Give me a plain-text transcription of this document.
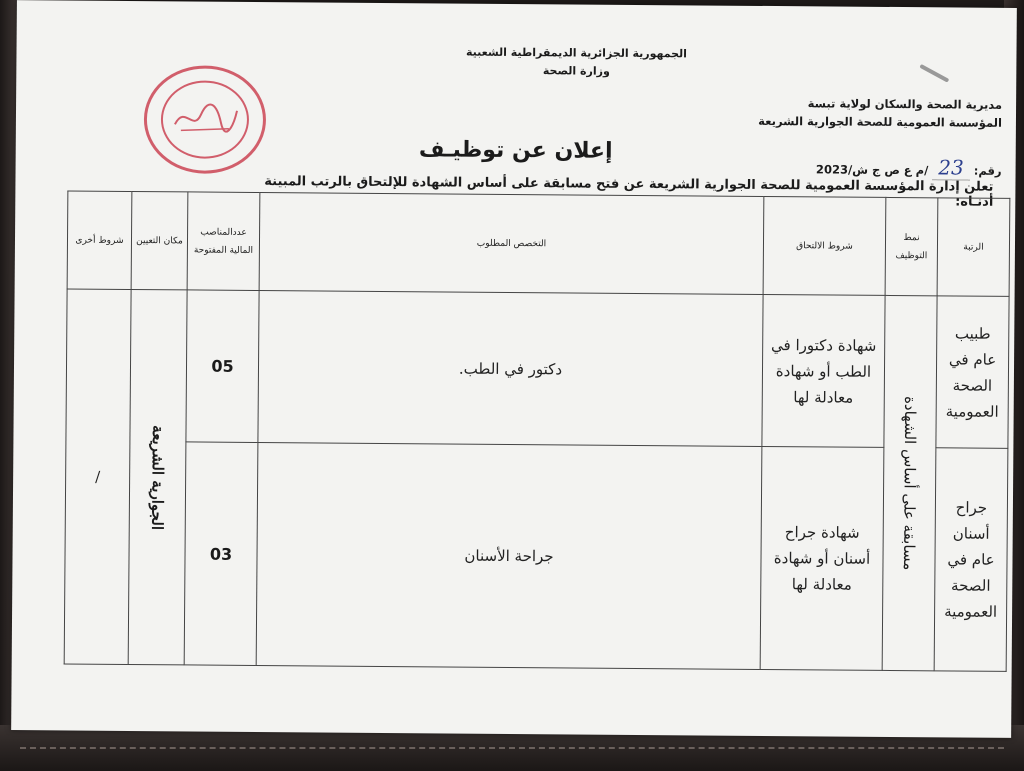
الجمهورية الجزائرية الديمقراطية الشعبية
وزارة الصحة
مديرية الصحة والسكان لولاية تبسة
المؤسسة العمومية للصحة الجوارية الشريعة
رقم: 23 /م ع ص ج ش/2023
إعلان عن توظيـف
تعلن إدارة المؤسسة العمومية للصحة الجوارية الشريعة عن فتح مسابقة على أساس الشهادة للإلتحاق بالرتب المبينة أدنـاه:
الرتبة	نمط التوظيف	شروط الالتحاق	التخصص المطلوب	عددالمناصب المالية المفتوحة	مكان التعيين	شروط أخرى
طبيب عام في الصحة العمومية	مسابقة على أساس الشهادة	شهادة دكتورا في الطب أو شهادة معادلة لها	دكتور في الطب.	05	الجوارية الشريعة	/
جراح أسنان عام في الصحة العمومية		شهادة جراح أسنان أو شهادة معادلة لها	جراحة الأسنان	03		
